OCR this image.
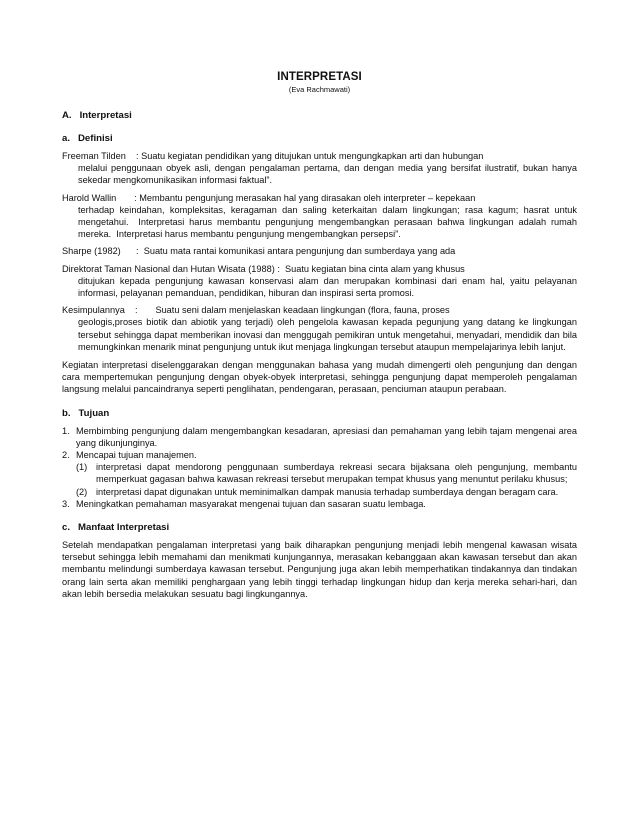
INTERPRETASI

(Eva Rachmawati)

A.   Interpretasi

a.   Definisi

Freeman Tilden    : Suatu kegiatan pendidikan yang ditujukan untuk mengungkapkan arti dan hubungan
melalui penggunaan obyek asli, dengan pengalaman pertama, dan dengan media yang bersifat ilustratif, bukan hanya sekedar mengkomunikasikan informasi faktual”.
Harold Wallin       : Membantu pengunjung merasakan hal yang dirasakan oleh interpreter – kepekaan
terhadap keindahan, kompleksitas, keragaman dan saling keterkaitan dalam lingkungan; rasa kagum; hasrat untuk mengetahui.  Interpretasi harus membantu pengunjung mengembangkan perasaan bahwa lingkungan adalah rumah mereka.  Interpretasi harus membantu pengunjung mengembangkan persepsi”.
Sharpe (1982)      :  Suatu mata rantai komunikasi antara pengunjung dan sumberdaya yang ada
Direktorat Taman Nasional dan Hutan Wisata (1988) :  Suatu kegiatan bina cinta alam yang khusus
ditujukan kepada pengunjung kawasan konservasi alam dan merupakan kombinasi dari enam hal, yaitu pelayanan informasi, pelayanan pemanduan, pendidikan, hiburan dan inspirasi serta promosi.
Kesimpulannya    :       Suatu seni dalam menjelaskan keadaan lingkungan (flora, fauna, proses
geologis,proses biotik dan abiotik yang terjadi) oleh pengelola kawasan kepada pegunjung yang datang ke lingkungan tersebut sehingga dapat memberikan inovasi dan menggugah pemikiran untuk mengetahui, menyadari, mendidik dan bila memungkinkan menarik minat pengunjung untuk ikut menjaga lingkungan tersebut ataupun mempelajarinya lebih lanjut.

Kegiatan interpretasi diselenggarakan dengan menggunakan bahasa yang mudah dimengerti oleh pengunjung dan dengan cara mempertemukan pengunjung dengan obyek-obyek interpretasi, sehingga pengunjung dapat memperoleh pengalaman langsung melalui pancaindranya seperti penglihatan, pendengaran, perasaan, penciuman ataupun perabaan.

b.   Tujuan

1. Membimbing pengunjung dalam mengembangkan kesadaran, apresiasi dan pemahaman yang lebih tajam mengenai area yang dikunjunginya.
2. Mencapai tujuan manajemen.
(1) interpretasi dapat mendorong penggunaan sumberdaya rekreasi secara bijaksana oleh pengunjung, membantu memperkuat gagasan bahwa kawasan rekreasi tersebut merupakan tempat khusus yang menuntut perilaku khusus;
(2) interpretasi dapat digunakan untuk meminimalkan dampak manusia terhadap sumberdaya dengan beragam cara.
3. Meningkatkan pemahaman masyarakat mengenai tujuan dan sasaran suatu lembaga.

c.   Manfaat Interpretasi

Setelah mendapatkan pengalaman interpretasi yang baik diharapkan pengunjung menjadi lebih mengenal kawasan wisata tersebut sehingga lebih memahami dan menikmati kunjungannya, merasakan kebanggaan akan kawasan tersebut dan akan membantu melindungi sumberdaya kawasan tersebut. Pengunjung juga akan lebih memperhatikan tindakannya dan tindakan orang lain serta akan memiliki penghargaan yang lebih tinggi terhadap lingkungan hidup dan kerja mereka sehari-hari, dan akan lebih bersedia melakukan sesuatu bagi lingkungannya.
